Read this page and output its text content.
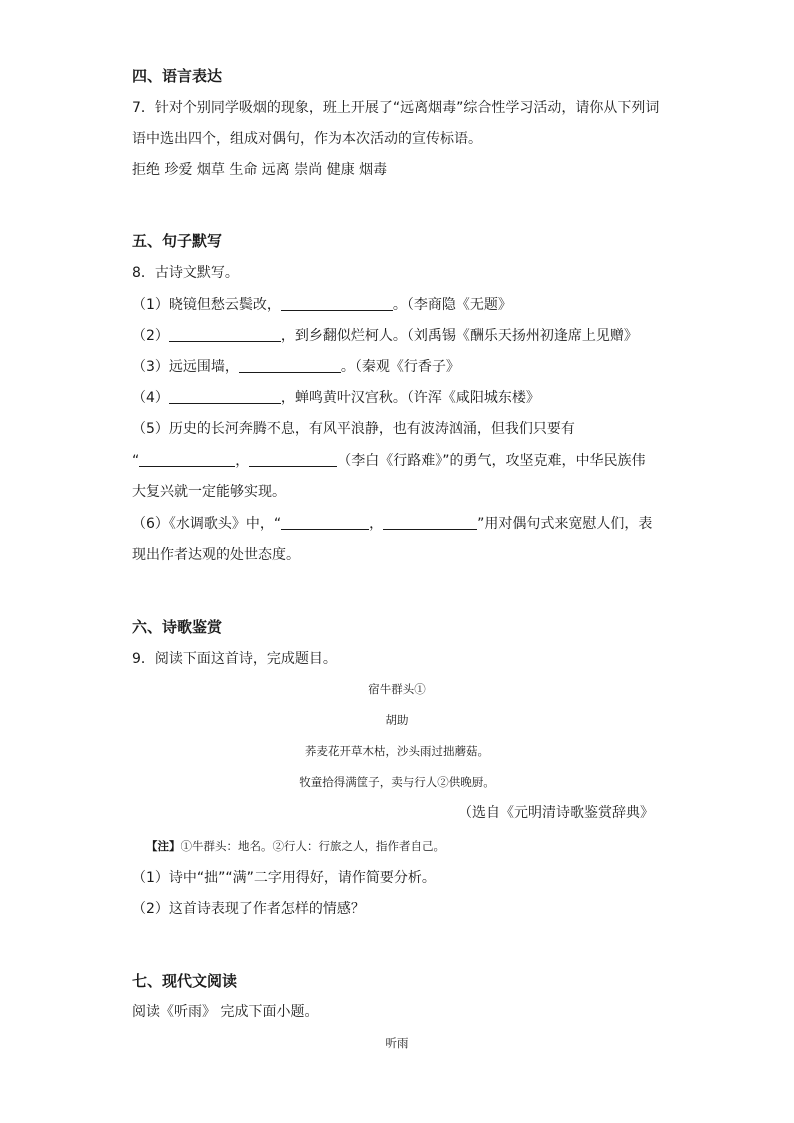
四、语言表达
7．针对个别同学吸烟的现象，班上开展了“远离烟毒”综合性学习活动，请你从下列词
语中选出四个，组成对偶句，作为本次活动的宣传标语。
拒绝 珍爱 烟草 生命 远离 崇尚 健康 烟毒
五、句子默写
8．古诗文默写。
（1）晓镜但愁云鬓改，	。（李商隐《无题》
（2）	，到乡翻似烂柯人。（刘禹锡《酬乐天扬州初逢席上见赠》
（3）远远围墙，	。（秦观《行香子》
（4）	，蝉鸣黄叶汉宫秋。（许浑《咸阳城东楼》
（5）历史的长河奔腾不息，有风平浪静，也有波涛汹涌，但我们只要有
“	，	（李白《行路难》”的勇气，攻坚克难，中华民族伟
大复兴就一定能够实现。
（6）《水调歌头》中，“	，	”用对偶句式来宽慰人们，表
现出作者达观的处世态度。
六、诗歌鉴赏
9．阅读下面这首诗，完成题目。
宿牛群头①
胡助
荞麦花开草木枯，沙头雨过拙蘑菇。
牧童拾得满筐子，卖与行人②供晚厨。
（选自《元明清诗歌鉴赏辞典》
【注】①牛群头：地名。②行人：行旅之人，指作者自己。
（1）诗中“拙”“满”二字用得好，请作简要分析。
（2）这首诗表现了作者怎样的情感？
七、现代文阅读
阅读《听雨》 完成下面小题。
听雨
